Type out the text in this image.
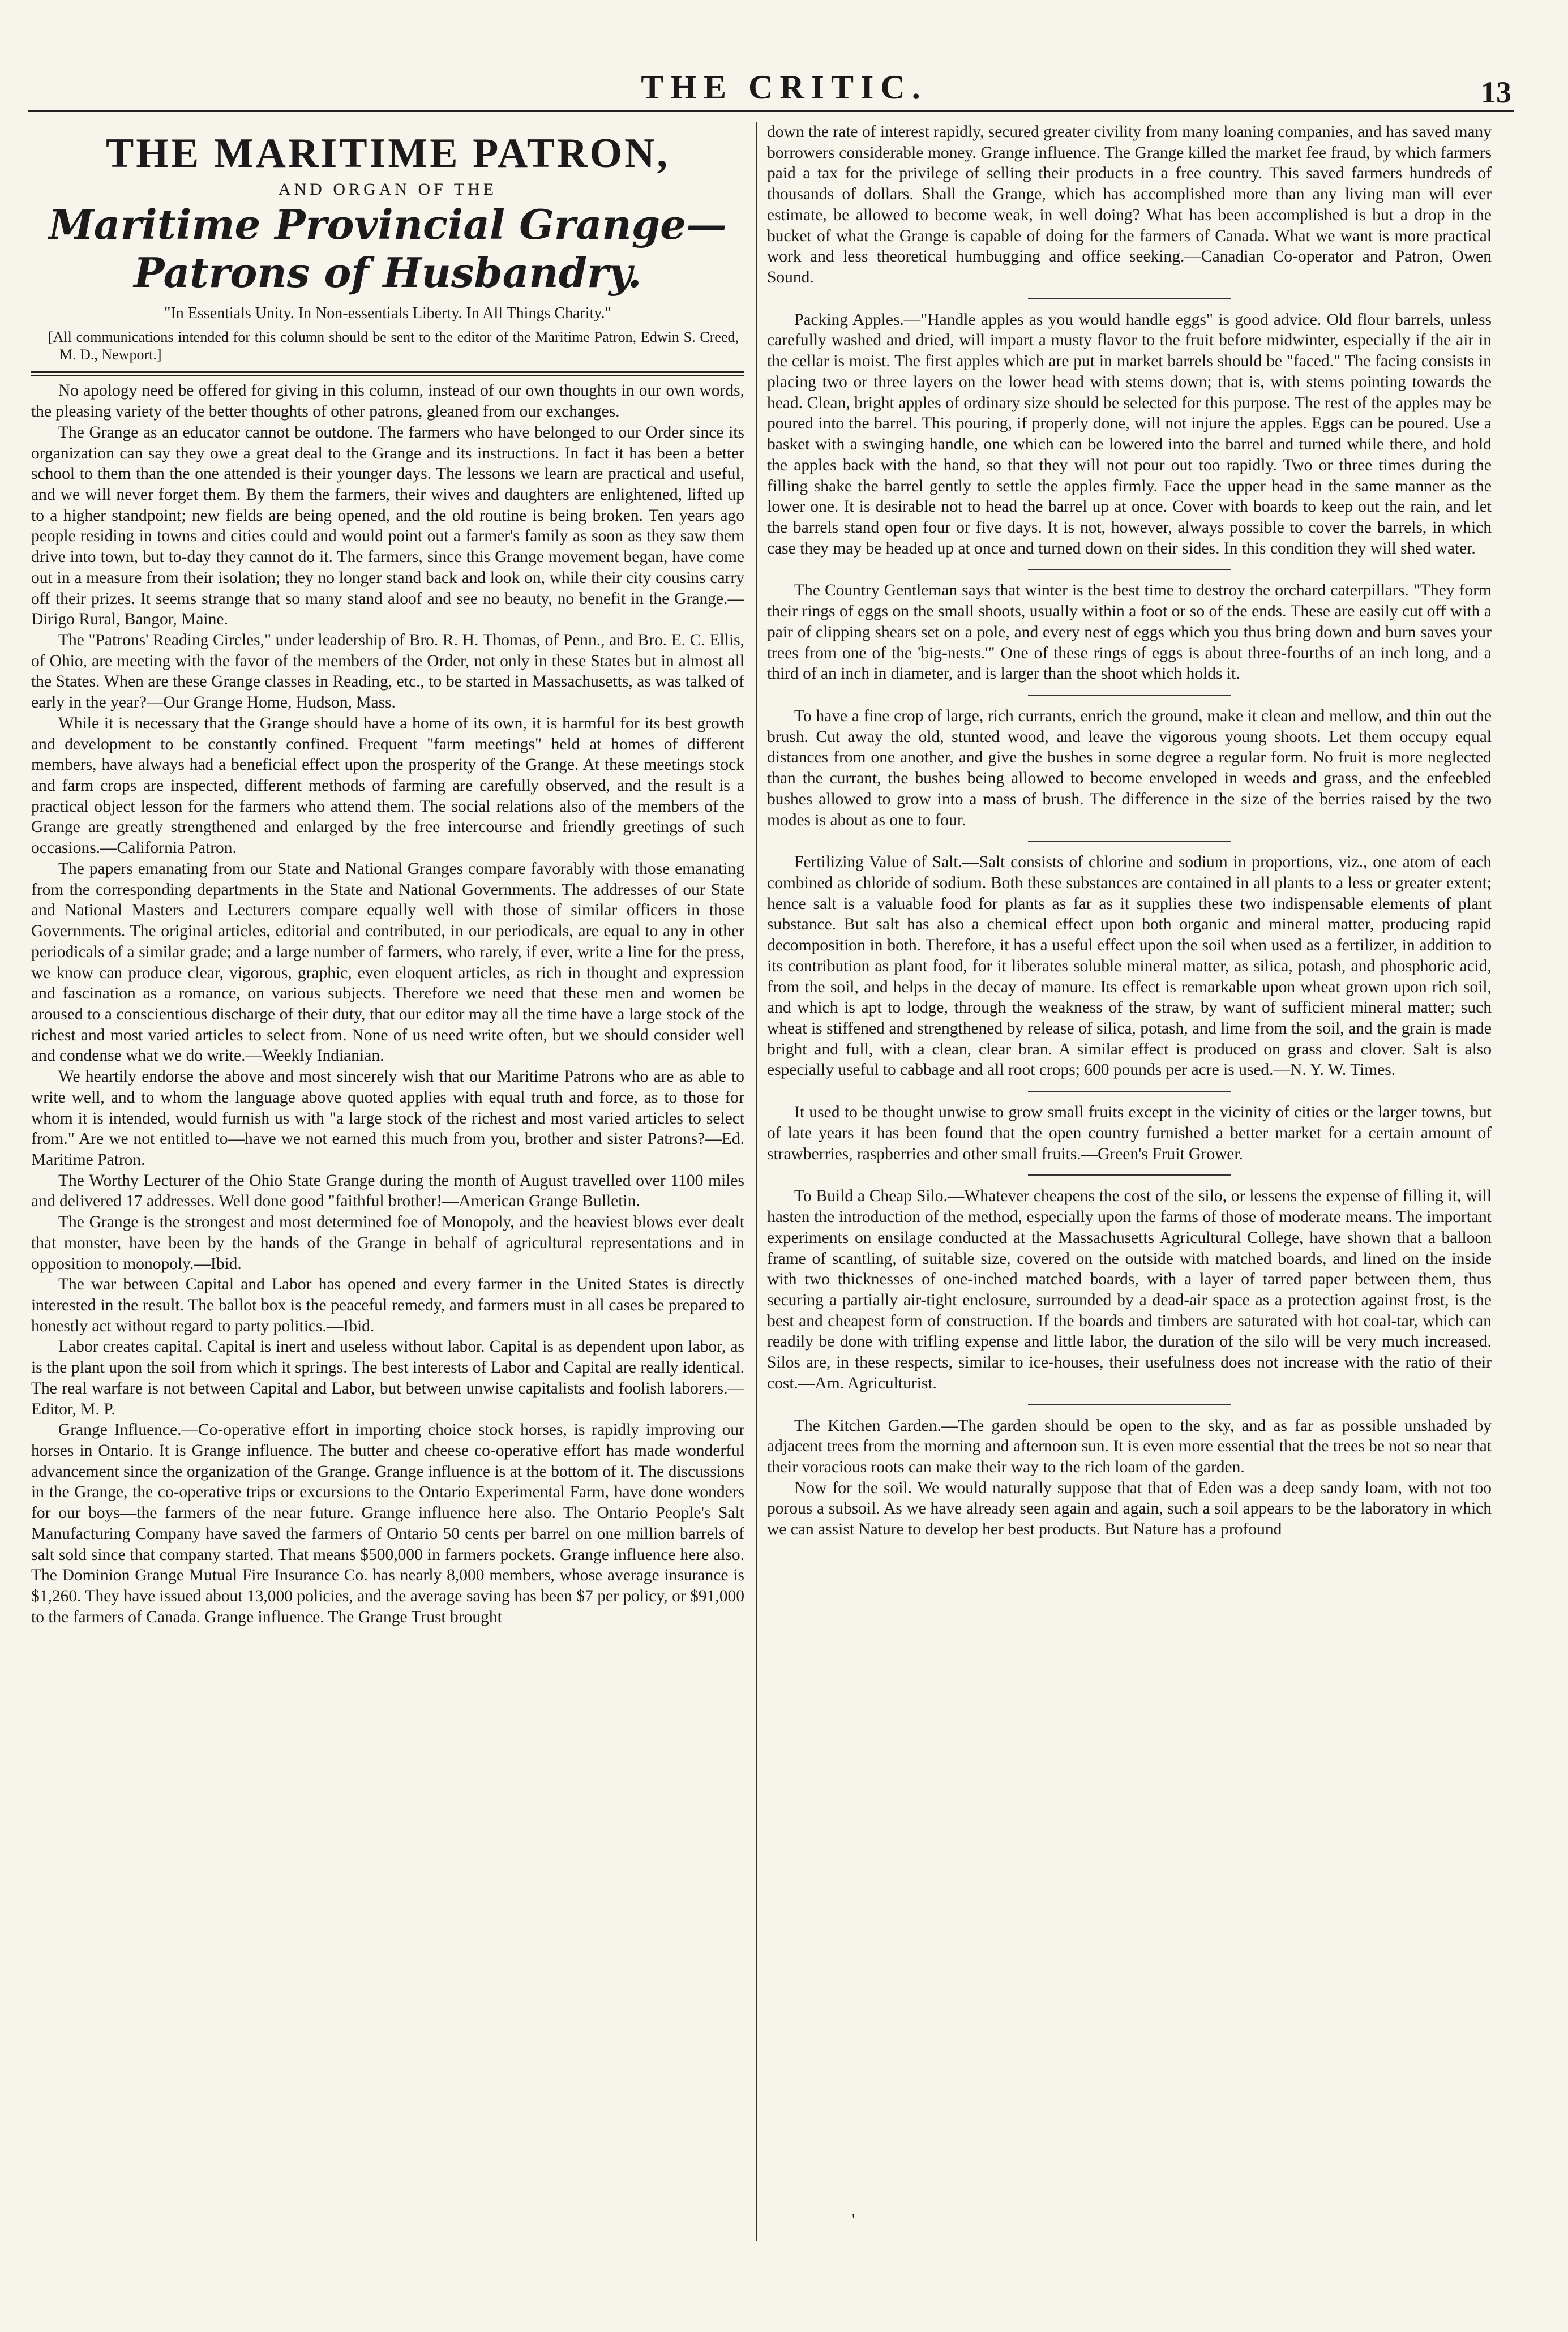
THE CRITIC.	13
THE MARITIME PATRON,
AND ORGAN OF THE
Maritime Provincial Grange—Patrons of Husbandry.
"In Essentials Unity. In Non-essentials Liberty. In All Things Charity."
[All communications intended for this column should be sent to the editor of the Maritime Patron, Edwin S. Creed, M. D., Newport.]

No apology need be offered for giving in this column, instead of our own thoughts in our own words, the pleasing variety of the better thoughts of other patrons, gleaned from our exchanges.

The Grange as an educator cannot be outdone. The farmers who have belonged to our Order since its organization can say they owe a great deal to the Grange and its instructions. In fact it has been a better school to them than the one attended is their younger days. The lessons we learn are practical and useful, and we will never forget them. By them the farmers, their wives and daughters are enlightened, lifted up to a higher standpoint; new fields are being opened, and the old routine is being broken. Ten years ago people residing in towns and cities could and would point out a farmer's family as soon as they saw them drive into town, but to-day they cannot do it. The farmers, since this Grange movement began, have come out in a measure from their isolation; they no longer stand back and look on, while their city cousins carry off their prizes. It seems strange that so many stand aloof and see no beauty, no benefit in the Grange.—Dirigo Rural, Bangor, Maine.

The "Patrons' Reading Circles," under leadership of Bro. R. H. Thomas, of Penn., and Bro. E. C. Ellis, of Ohio, are meeting with the favor of the members of the Order, not only in these States but in almost all the States. When are these Grange classes in Reading, etc., to be started in Massachusetts, as was talked of early in the year?—Our Grange Home, Hudson, Mass.

While it is necessary that the Grange should have a home of its own, it is harmful for its best growth and development to be constantly confined. Frequent "farm meetings" held at homes of different members, have always had a beneficial effect upon the prosperity of the Grange. At these meetings stock and farm crops are inspected, different methods of farming are carefully observed, and the result is a practical object lesson for the farmers who attend them. The social relations also of the members of the Grange are greatly strengthened and enlarged by the free intercourse and friendly greetings of such occasions.—California Patron.

The papers emanating from our State and National Granges compare favorably with those emanating from the corresponding departments in the State and National Governments. The addresses of our State and National Masters and Lecturers compare equally well with those of similar officers in those Governments. The original articles, editorial and contributed, in our periodicals, are equal to any in other periodicals of a similar grade; and a large number of farmers, who rarely, if ever, write a line for the press, we know can produce clear, vigorous, graphic, even eloquent articles, as rich in thought and expression and fascination as a romance, on various subjects. Therefore we need that these men and women be aroused to a conscientious discharge of their duty, that our editor may all the time have a large stock of the richest and most varied articles to select from. None of us need write often, but we should consider well and condense what we do write.—Weekly Indianian.

We heartily endorse the above and most sincerely wish that our Maritime Patrons who are as able to write well, and to whom the language above quoted applies with equal truth and force, as to those for whom it is intended, would furnish us with "a large stock of the richest and most varied articles to select from." Are we not entitled to—have we not earned this much from you, brother and sister Patrons?—Ed. Maritime Patron.

The Worthy Lecturer of the Ohio State Grange during the month of August travelled over 1100 miles and delivered 17 addresses. Well done good "faithful brother!—American Grange Bulletin.

The Grange is the strongest and most determined foe of Monopoly, and the heaviest blows ever dealt that monster, have been by the hands of the Grange in behalf of agricultural representations and in opposition to monopoly.—Ibid.

The war between Capital and Labor has opened and every farmer in the United States is directly interested in the result. The ballot box is the peaceful remedy, and farmers must in all cases be prepared to honestly act without regard to party politics.—Ibid.

Labor creates capital. Capital is inert and useless without labor. Capital is as dependent upon labor, as is the plant upon the soil from which it springs. The best interests of Labor and Capital are really identical. The real warfare is not between Capital and Labor, but between unwise capitalists and foolish laborers.—Editor, M. P.

Grange Influence.—Co-operative effort in importing choice stock horses, is rapidly improving our horses in Ontario. It is Grange influence. The butter and cheese co-operative effort has made wonderful advancement since the organization of the Grange. Grange influence is at the bottom of it. The discussions in the Grange, the co-operative trips or excursions to the Ontario Experimental Farm, have done wonders for our boys—the farmers of the near future. Grange influence here also. The Ontario People's Salt Manufacturing Company have saved the farmers of Ontario 50 cents per barrel on one million barrels of salt sold since that company started. That means $500,000 in farmers pockets. Grange influence here also. The Dominion Grange Mutual Fire Insurance Co. has nearly 8,000 members, whose average insurance is $1,260. They have issued about 13,000 policies, and the average saving has been $7 per policy, or $91,000 to the farmers of Canada. Grange influence. The Grange Trust brought

down the rate of interest rapidly, secured greater civility from many loaning companies, and has saved many borrowers considerable money. Grange influence. The Grange killed the market fee fraud, by which farmers paid a tax for the privilege of selling their products in a free country. This saved farmers hundreds of thousands of dollars. Shall the Grange, which has accomplished more than any living man will ever estimate, be allowed to become weak, in well doing? What has been accomplished is but a drop in the bucket of what the Grange is capable of doing for the farmers of Canada. What we want is more practical work and less theoretical humbugging and office seeking.—Canadian Co-operator and Patron, Owen Sound.

Packing Apples.—"Handle apples as you would handle eggs" is good advice. Old flour barrels, unless carefully washed and dried, will impart a musty flavor to the fruit before midwinter, especially if the air in the cellar is moist. The first apples which are put in market barrels should be "faced." The facing consists in placing two or three layers on the lower head with stems down; that is, with stems pointing towards the head. Clean, bright apples of ordinary size should be selected for this purpose. The rest of the apples may be poured into the barrel. This pouring, if properly done, will not injure the apples. Eggs can be poured. Use a basket with a swinging handle, one which can be lowered into the barrel and turned while there, and hold the apples back with the hand, so that they will not pour out too rapidly. Two or three times during the filling shake the barrel gently to settle the apples firmly. Face the upper head in the same manner as the lower one. It is desirable not to head the barrel up at once. Cover with boards to keep out the rain, and let the barrels stand open four or five days. It is not, however, always possible to cover the barrels, in which case they may be headed up at once and turned down on their sides. In this condition they will shed water.

The Country Gentleman says that winter is the best time to destroy the orchard caterpillars. "They form their rings of eggs on the small shoots, usually within a foot or so of the ends. These are easily cut off with a pair of clipping shears set on a pole, and every nest of eggs which you thus bring down and burn saves your trees from one of the 'big-nests.'" One of these rings of eggs is about three-fourths of an inch long, and a third of an inch in diameter, and is larger than the shoot which holds it.

To have a fine crop of large, rich currants, enrich the ground, make it clean and mellow, and thin out the brush. Cut away the old, stunted wood, and leave the vigorous young shoots. Let them occupy equal distances from one another, and give the bushes in some degree a regular form. No fruit is more neglected than the currant, the bushes being allowed to become enveloped in weeds and grass, and the enfeebled bushes allowed to grow into a mass of brush. The difference in the size of the berries raised by the two modes is about as one to four.

Fertilizing Value of Salt.—Salt consists of chlorine and sodium in proportions, viz., one atom of each combined as chloride of sodium. Both these substances are contained in all plants to a less or greater extent; hence salt is a valuable food for plants as far as it supplies these two indispensable elements of plant substance. But salt has also a chemical effect upon both organic and mineral matter, producing rapid decomposition in both. Therefore, it has a useful effect upon the soil when used as a fertilizer, in addition to its contribution as plant food, for it liberates soluble mineral matter, as silica, potash, and phosphoric acid, from the soil, and helps in the decay of manure. Its effect is remarkable upon wheat grown upon rich soil, and which is apt to lodge, through the weakness of the straw, by want of sufficient mineral matter; such wheat is stiffened and strengthened by release of silica, potash, and lime from the soil, and the grain is made bright and full, with a clean, clear bran. A similar effect is produced on grass and clover. Salt is also especially useful to cabbage and all root crops; 600 pounds per acre is used.—N. Y. W. Times.

It used to be thought unwise to grow small fruits except in the vicinity of cities or the larger towns, but of late years it has been found that the open country furnished a better market for a certain amount of strawberries, raspberries and other small fruits.—Green's Fruit Grower.

To Build a Cheap Silo.—Whatever cheapens the cost of the silo, or lessens the expense of filling it, will hasten the introduction of the method, especially upon the farms of those of moderate means. The important experiments on ensilage conducted at the Massachusetts Agricultural College, have shown that a balloon frame of scantling, of suitable size, covered on the outside with matched boards, and lined on the inside with two thicknesses of one-inched matched boards, with a layer of tarred paper between them, thus securing a partially air-tight enclosure, surrounded by a dead-air space as a protection against frost, is the best and cheapest form of construction. If the boards and timbers are saturated with hot coal-tar, which can readily be done with trifling expense and little labor, the duration of the silo will be very much increased. Silos are, in these respects, similar to ice-houses, their usefulness does not increase with the ratio of their cost.—Am. Agriculturist.

The Kitchen Garden.—The garden should be open to the sky, and as far as possible unshaded by adjacent trees from the morning and afternoon sun. It is even more essential that the trees be not so near that their voracious roots can make their way to the rich loam of the garden.

Now for the soil. We would naturally suppose that that of Eden was a deep sandy loam, with not too porous a subsoil. As we have already seen again and again, such a soil appears to be the laboratory in which we can assist Nature to develop her best products. But Nature has a profound

'
